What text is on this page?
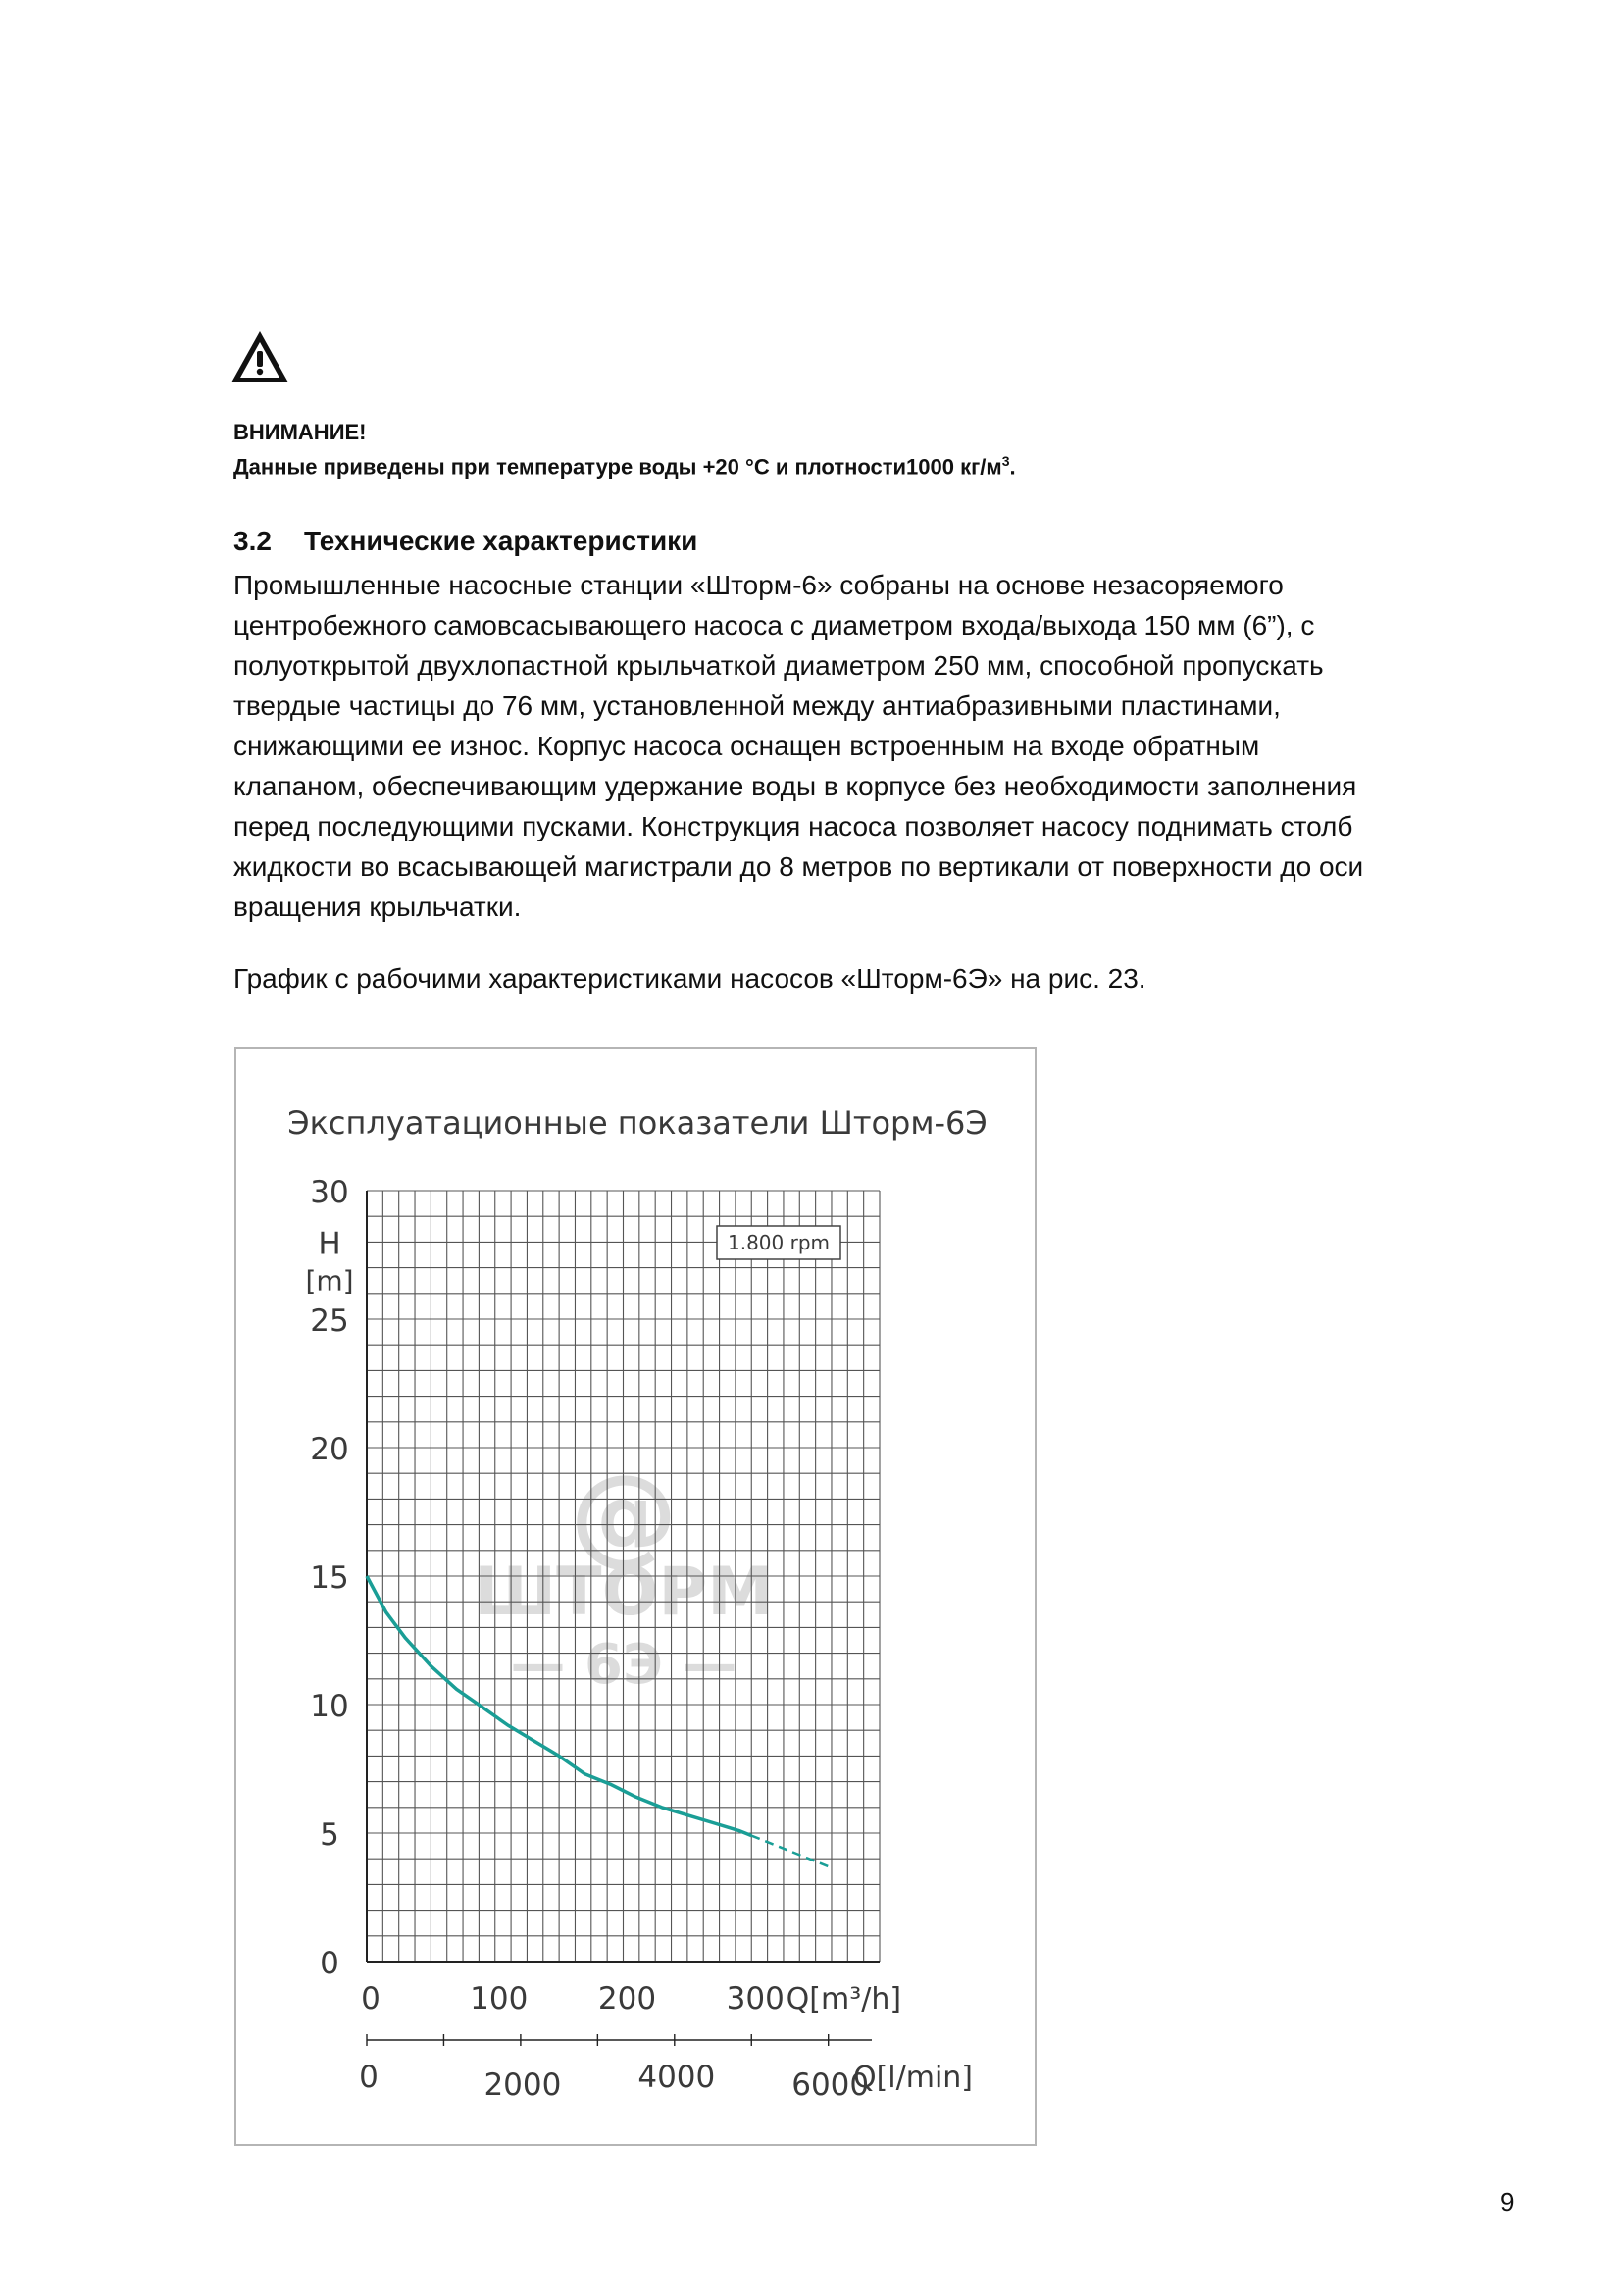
ВНИМАНИЕ!
Данные приведены при температуре воды +20 °С и плотности1000 $кг/м^3$.
3.2 Технические характеристики

Промышленные насосные станции «Шторм-6» собраны на основе незасоряемого
центробежного самовсасывающего насоса с диаметром входа/выхода 150 мм (6”), с
полуоткрытой двухлопастной крыльчаткой диаметром 250 мм, способной пропускать
твердые частицы до 76 мм, установленной между антиабразивными пластинами,
снижающими ее износ. Корпус насоса оснащен встроенным на входе обратным
клапаном, обеспечивающим удержание воды в корпусе без необходимости заполнения
перед последующими пусками. Конструкция насоса позволяет насосу поднимать столб
жидкости во всасывающей магистрали до 8 метров по вертикали от поверхности до оси
вращения крыльчатки.

График с рабочими характеристиками насосов «Шторм-6Э» на рис. 23.
@
ШТОРМ
— 6Э —
1.800 rpm
0
5
10
15
20
25
30
H
[m]
0	100 200 300 Q[m³/h]
0	2000	4000	6000
Q[l/min]
Эксплуатационные показатели Шторм-6Э
9
